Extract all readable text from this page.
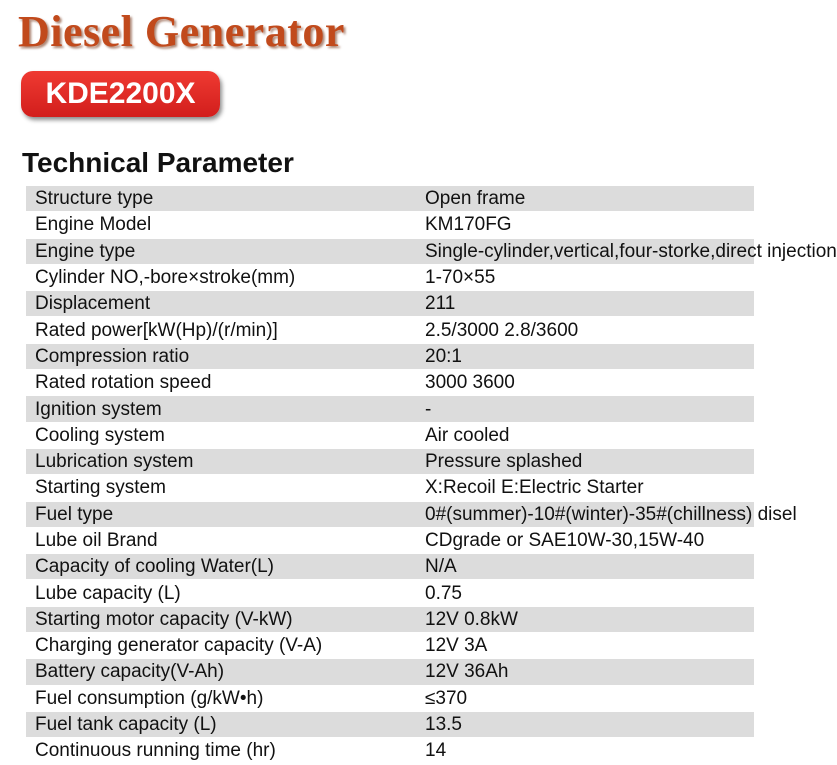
Diesel Generator
KDE2200X
Technical Parameter
Structure type	Open frame
Engine Model	KM170FG
Engine type	Single-cylinder,vertical,four-storke,direct injection
Cylinder NO,-bore×stroke(mm)	1-70×55
Displacement	211
Rated power[kW(Hp)/(r/min)]	2.5/3000 2.8/3600
Compression ratio	20:1
Rated rotation speed	3000 3600
Ignition system	-
Cooling system	Air cooled
Lubrication system	Pressure splashed
Starting system	X:Recoil E:Electric Starter
Fuel type	0#(summer)-10#(winter)-35#(chillness) disel
Lube oil Brand	CDgrade or SAE10W-30,15W-40
Capacity of cooling Water(L)	N/A
Lube capacity (L)	0.75
Starting motor capacity (V-kW)	12V 0.8kW
Charging generator capacity (V-A)	12V 3A
Battery capacity(V-Ah)	12V 36Ah
Fuel consumption (g/kW•h)	≤370
Fuel tank capacity (L)	13.5
Continuous running time (hr)	14
